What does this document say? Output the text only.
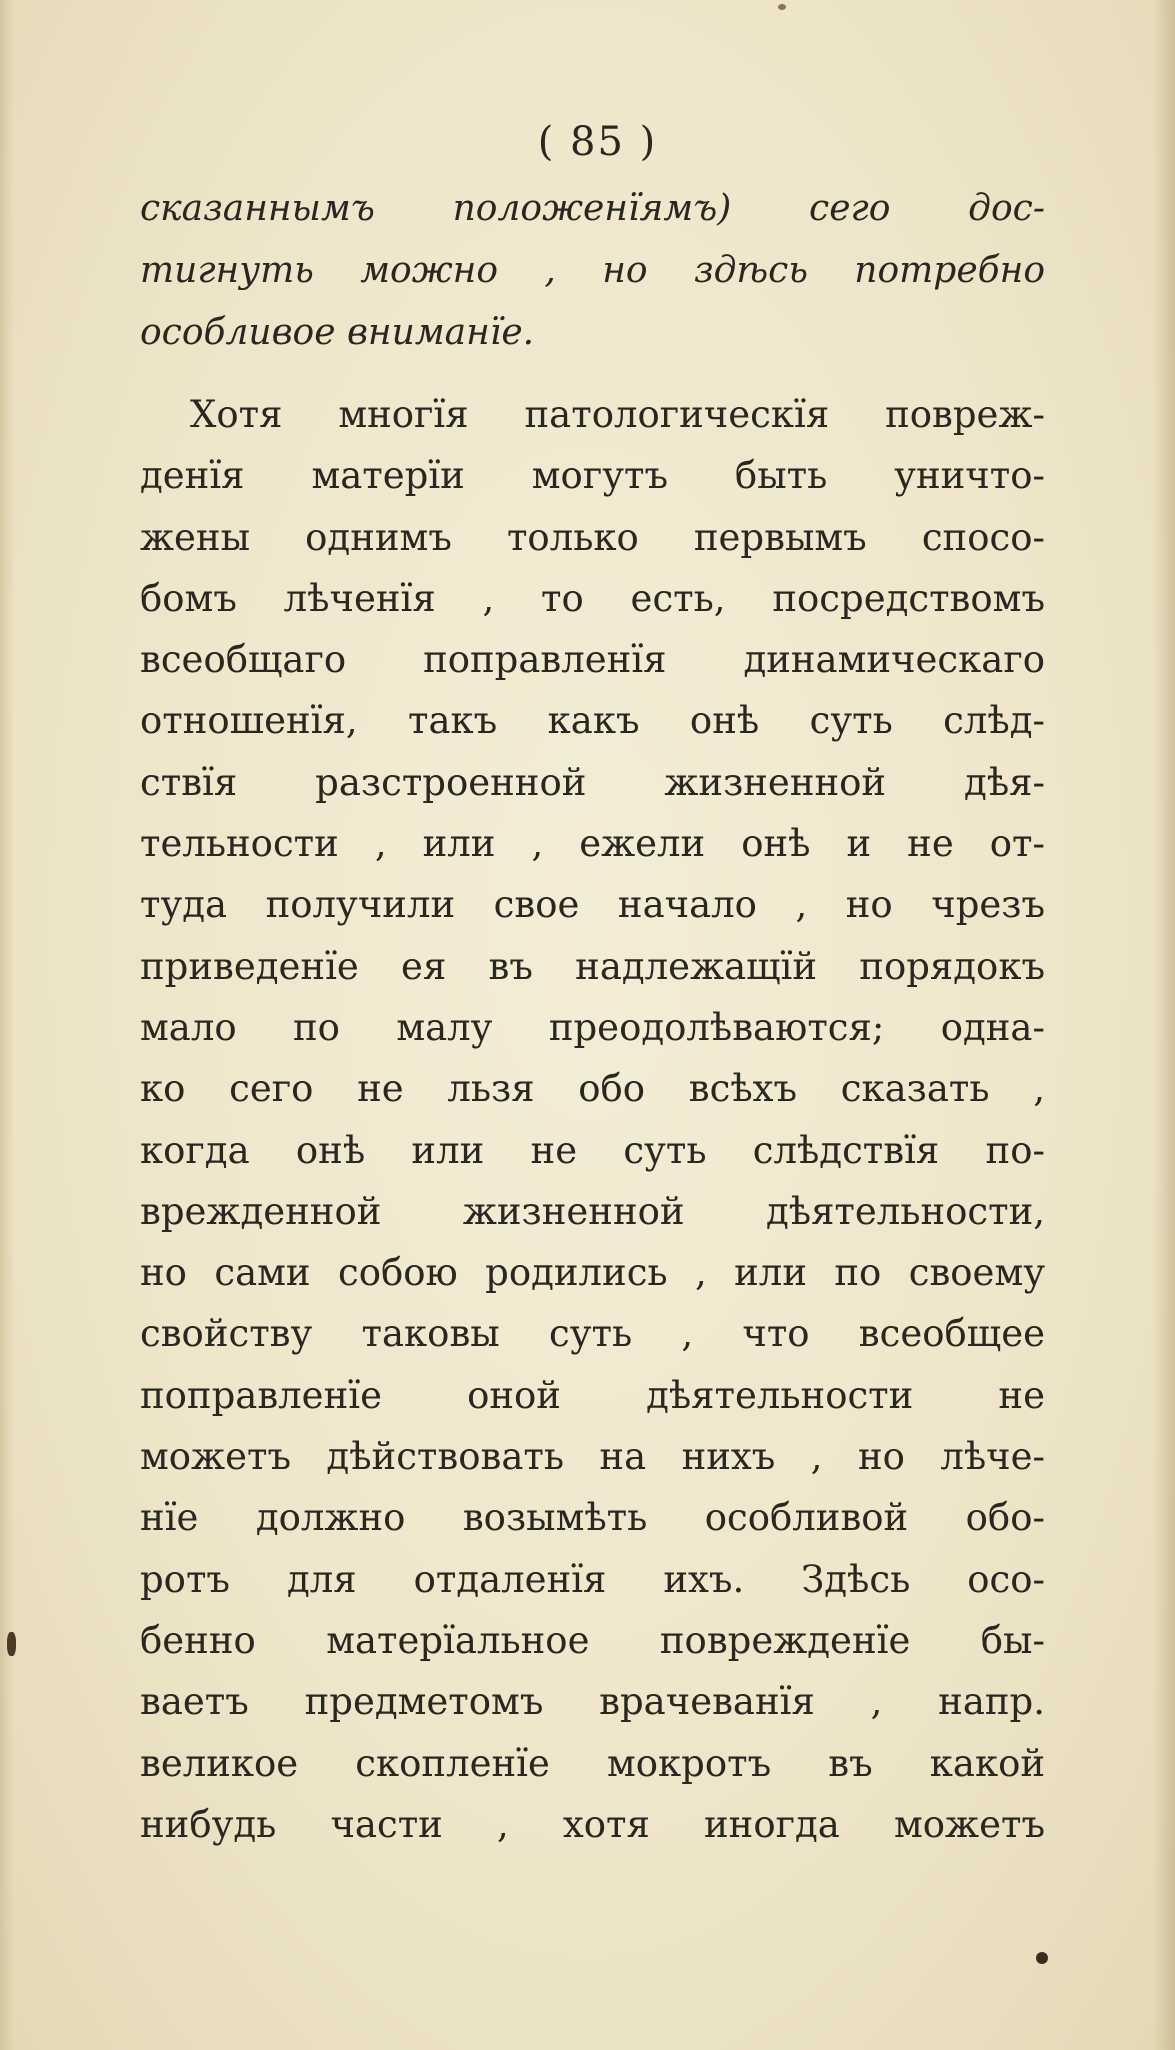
( 85 )
сказаннымъ положенïямъ) сего дос-
тигнуть можно , но здѣсь потребно
особливое вниманïе.
Хотя многïя патологическïя повреж-
денïя матерïи могутъ быть уничто-
жены однимъ только первымъ спосо-
бомъ лѣченïя , то есть, посредствомъ
всеобщаго поправленïя динамическаго
отношенïя, такъ какъ онѣ суть слѣд-
ствïя разстроенной жизненной дѣя-
тельности , или , ежели онѣ и не от-
туда получили свое начало , но чрезъ
приведенïе ея въ надлежащïй порядокъ
мало по малу преодолѣваются; одна-
ко сего не льзя обо всѣхъ сказать ,
когда онѣ или не суть слѣдствïя по-
врежденной жизненной дѣятельности,
но сами собою родились , или по своему
свойству таковы суть , что всеобщее
поправленïе оной дѣятельности не
можетъ дѣйствовать на нихъ , но лѣче-
нïе должно возымѣть особливой обо-
ротъ для отдаленïя ихъ. Здѣсь осо-
бенно матерïальное поврежденïе бы-
ваетъ предметомъ врачеванïя , напр.
великое скопленïе мокротъ въ какой
нибудь части , хотя иногда можетъ
